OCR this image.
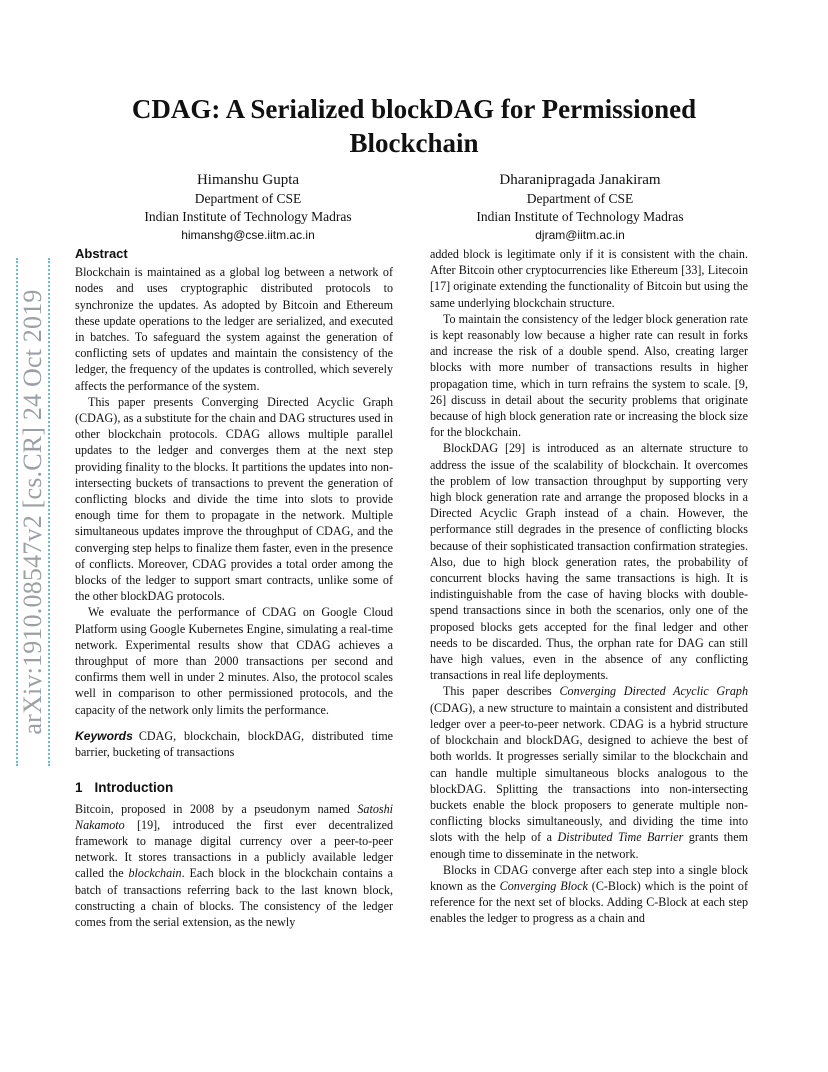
arXiv:1910.08547v2 [cs.CR] 24 Oct 2019
CDAG: A Serialized blockDAG for Permissioned Blockchain
Himanshu Gupta
Department of CSE
Indian Institute of Technology Madras
himanshg@cse.iitm.ac.in
Dharanipragada Janakiram
Department of CSE
Indian Institute of Technology Madras
djram@iitm.ac.in
Abstract

Blockchain is maintained as a global log between a network of nodes and uses cryptographic distributed protocols to synchronize the updates. As adopted by Bitcoin and Ethereum these update operations to the ledger are serialized, and executed in batches. To safeguard the system against the generation of conflicting sets of updates and maintain the consistency of the ledger, the frequency of the updates is controlled, which severely affects the performance of the system.

This paper presents Converging Directed Acyclic Graph (CDAG), as a substitute for the chain and DAG structures used in other blockchain protocols. CDAG allows multiple parallel updates to the ledger and converges them at the next step providing finality to the blocks. It partitions the updates into non-intersecting buckets of transactions to prevent the generation of conflicting blocks and divide the time into slots to provide enough time for them to propagate in the network. Multiple simultaneous updates improve the throughput of CDAG, and the converging step helps to finalize them faster, even in the presence of conflicts. Moreover, CDAG provides a total order among the blocks of the ledger to support smart contracts, unlike some of the other blockDAG protocols.

We evaluate the performance of CDAG on Google Cloud Platform using Google Kubernetes Engine, simulating a real-time network. Experimental results show that CDAG achieves a throughput of more than 2000 transactions per second and confirms them well in under 2 minutes. Also, the protocol scales well in comparison to other permissioned protocols, and the capacity of the network only limits the performance.

Keywords CDAG, blockchain, blockDAG, distributed time barrier, bucketing of transactions

1 Introduction

Bitcoin, proposed in 2008 by a pseudonym named Satoshi Nakamoto [19], introduced the first ever decentralized framework to manage digital currency over a peer-to-peer network. It stores transactions in a publicly available ledger called the blockchain. Each block in the blockchain contains a batch of transactions referring back to the last known block, constructing a chain of blocks. The consistency of the ledger comes from the serial extension, as the newly

added block is legitimate only if it is consistent with the chain. After Bitcoin other cryptocurrencies like Ethereum [33], Litecoin [17] originate extending the functionality of Bitcoin but using the same underlying blockchain structure.

To maintain the consistency of the ledger block generation rate is kept reasonably low because a higher rate can result in forks and increase the risk of a double spend. Also, creating larger blocks with more number of transactions results in higher propagation time, which in turn refrains the system to scale. [9, 26] discuss in detail about the security problems that originate because of high block generation rate or increasing the block size for the blockchain.

BlockDAG [29] is introduced as an alternate structure to address the issue of the scalability of blockchain. It overcomes the problem of low transaction throughput by supporting very high block generation rate and arrange the proposed blocks in a Directed Acyclic Graph instead of a chain. However, the performance still degrades in the presence of conflicting blocks because of their sophisticated transaction confirmation strategies. Also, due to high block generation rates, the probability of concurrent blocks having the same transactions is high. It is indistinguishable from the case of having blocks with double-spend transactions since in both the scenarios, only one of the proposed blocks gets accepted for the final ledger and other needs to be discarded. Thus, the orphan rate for DAG can still have high values, even in the absence of any conflicting transactions in real life deployments.

This paper describes Converging Directed Acyclic Graph (CDAG), a new structure to maintain a consistent and distributed ledger over a peer-to-peer network. CDAG is a hybrid structure of blockchain and blockDAG, designed to achieve the best of both worlds. It progresses serially similar to the blockchain and can handle multiple simultaneous blocks analogous to the blockDAG. Splitting the transactions into non-intersecting buckets enable the block proposers to generate multiple non-conflicting blocks simultaneously, and dividing the time into slots with the help of a Distributed Time Barrier grants them enough time to disseminate in the network.

Blocks in CDAG converge after each step into a single block known as the Converging Block (C-Block) which is the point of reference for the next set of blocks. Adding C-Block at each step enables the ledger to progress as a chain and
